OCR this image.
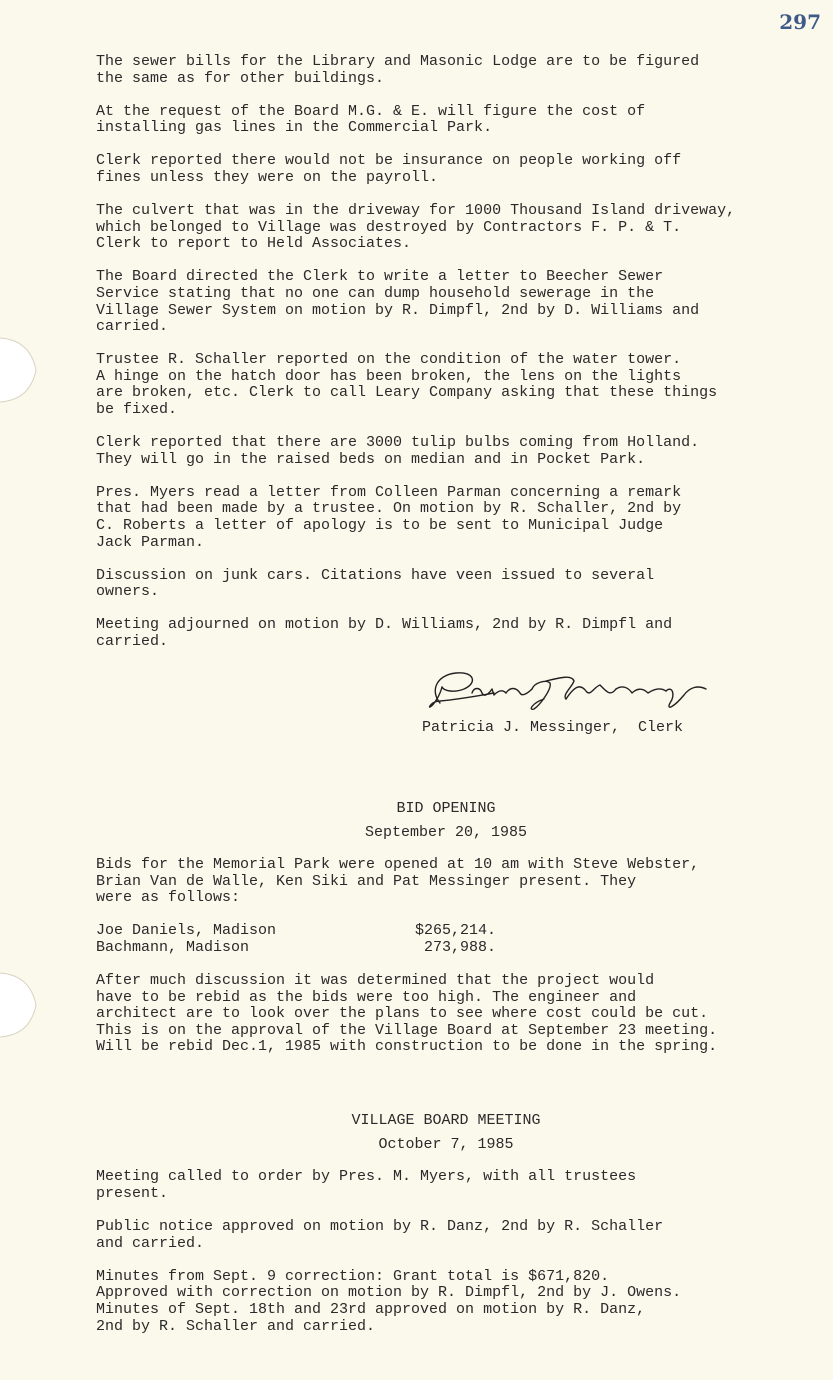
297

The sewer bills for the Library and Masonic Lodge are to be figured
the same as for other buildings.

At the request of the Board M.G. & E. will figure the cost of
installing gas lines in the Commercial Park.

Clerk reported there would not be insurance on people working off
fines unless they were on the payroll.

The culvert that was in the driveway for 1000 Thousand Island driveway,
which belonged to Village was destroyed by Contractors F. P. & T.
Clerk to report to Held Associates.

The Board directed the Clerk to write a letter to Beecher Sewer
Service stating that no one can dump household sewerage in the
Village Sewer System on motion by R. Dimpfl, 2nd by D. Williams and
carried.

Trustee R. Schaller reported on the condition of the water tower.
A hinge on the hatch door has been broken, the lens on the lights
are broken, etc. Clerk to call Leary Company asking that these things
be fixed.

Clerk reported that there are 3000 tulip bulbs coming from Holland.
They will go in the raised beds on median and in Pocket Park.

Pres. Myers read a letter from Colleen Parman concerning a remark
that had been made by a trustee. On motion by R. Schaller, 2nd by
C. Roberts a letter of apology is to be sent to Municipal Judge
Jack Parman.

Discussion on junk cars. Citations have veen issued to several
owners.

Meeting adjourned on motion by D. Williams, 2nd by R. Dimpfl and
carried.

Patricia J. Messinger,  Clerk

BID OPENING

September 20, 1985

Bids for the Memorial Park were opened at 10 am with Steve Webster,
Brian Van de Walle, Ken Siki and Pat Messinger present. They
were as follows:

Joe Daniels, Madison	$265,214.
Bachmann, Madison	273,988.

After much discussion it was determined that the project would
have to be rebid as the bids were too high. The engineer and
architect are to look over the plans to see where cost could be cut.
This is on the approval of the Village Board at September 23 meeting.
Will be rebid Dec.1, 1985 with construction to be done in the spring.

VILLAGE BOARD MEETING

October 7, 1985

Meeting called to order by Pres. M. Myers, with all trustees
present.

Public notice approved on motion by R. Danz, 2nd by R. Schaller
and carried.

Minutes from Sept. 9 correction: Grant total is $671,820.
Approved with correction on motion by R. Dimpfl, 2nd by J. Owens.
Minutes of Sept. 18th and 23rd approved on motion by R. Danz,
2nd by R. Schaller and carried.
